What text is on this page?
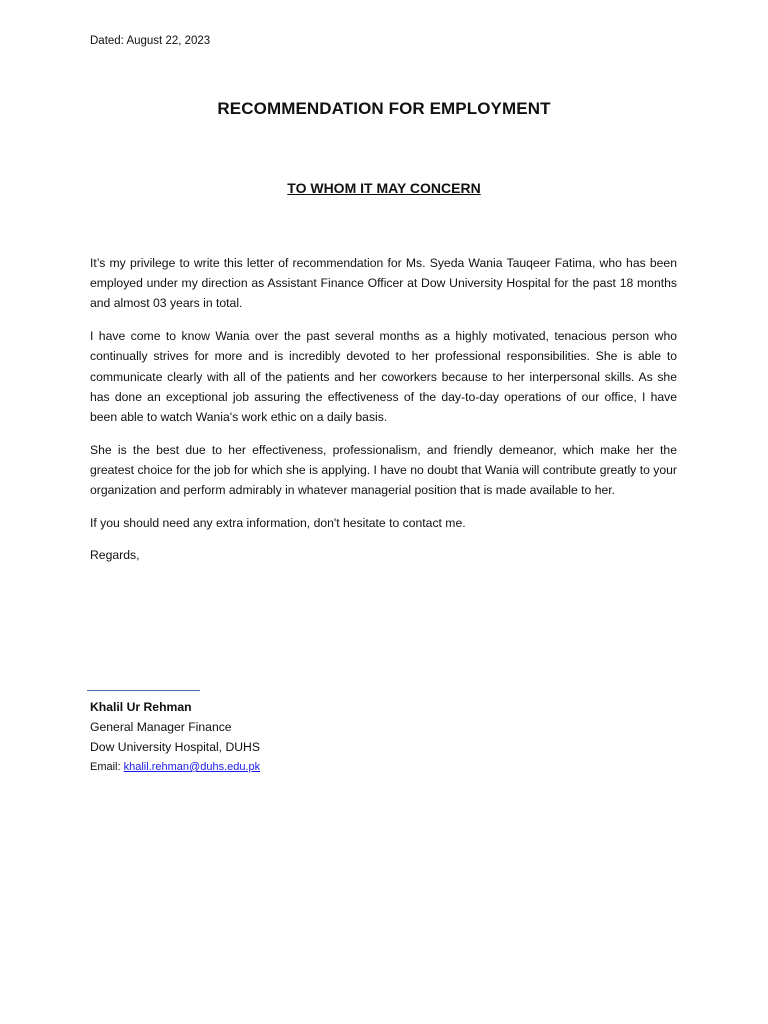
Dated: August 22, 2023
RECOMMENDATION FOR EMPLOYMENT
TO WHOM IT MAY CONCERN

It’s my privilege to write this letter of recommendation for Ms. Syeda Wania Tauqeer Fatima, who has been employed under my direction as Assistant Finance Officer at Dow University Hospital for the past 18 months and almost 03 years in total.

I have come to know Wania over the past several months as a highly motivated, tenacious person who continually strives for more and is incredibly devoted to her professional responsibilities. She is able to communicate clearly with all of the patients and her coworkers because to her interpersonal skills. As she has done an exceptional job assuring the effectiveness of the day-to-day operations of our office, I have been able to watch Wania's work ethic on a daily basis.

She is the best due to her effectiveness, professionalism, and friendly demeanor, which make her the greatest choice for the job for which she is applying. I have no doubt that Wania will contribute greatly to your organization and perform admirably in whatever managerial position that is made available to her.

If you should need any extra information, don't hesitate to contact me.

Regards,

Khalil Ur Rehman
General Manager Finance
Dow University Hospital, DUHS
Email: khalil.rehman@duhs.edu.pk
